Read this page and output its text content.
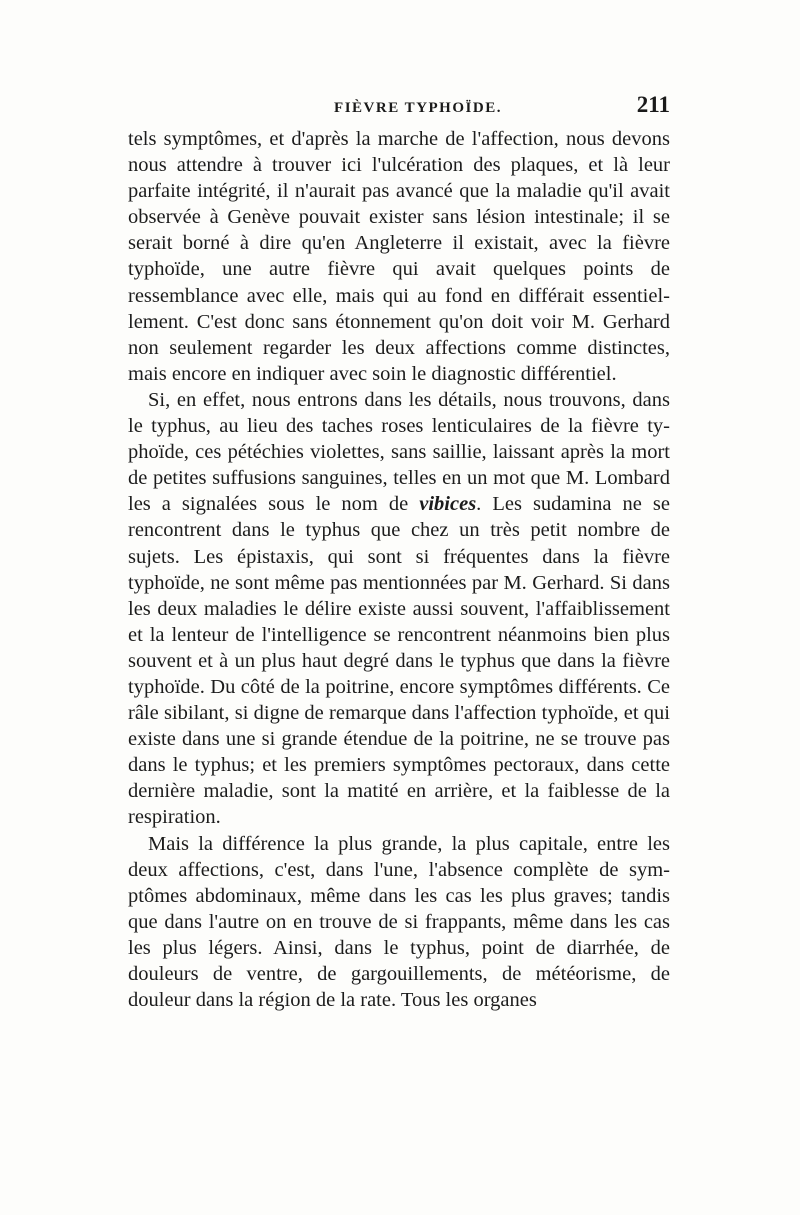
FIÈVRE TYPHOÏDE.	211

tels symptômes, et d'après la marche de l'affection, nous devons nous attendre à trouver ici l'ulcération des plaques, et là leur parfaite intégrité, il n'aurait pas avancé que la maladie qu'il avait observée à Genève pouvait exister sans lésion intestinale; il se serait borné à dire qu'en Angleterre il existait, avec la fièvre typhoïde, une autre fièvre qui avait quelques points de ressemblance avec elle, mais qui au fond en différait essentiellement. C'est donc sans étonnement qu'on doit voir M. Gerhard non seulement regarder les deux affections comme distinctes, mais encore en indiquer avec soin le diagnostic différentiel.

Si, en effet, nous entrons dans les détails, nous trouvons, dans le typhus, au lieu des taches roses lenticulaires de la fièvre typhoïde, ces pétéchies violettes, sans saillie, laissant après la mort de petites suffusions sanguines, telles en un mot que M. Lombard les a signalées sous le nom de vibices. Les sudamina ne se rencontrent dans le typhus que chez un très petit nombre de sujets. Les épistaxis, qui sont si fréquentes dans la fièvre typhoïde, ne sont même pas mentionnées par M. Gerhard. Si dans les deux maladies le délire existe aussi souvent, l'affaiblissement et la lenteur de l'intelligence se rencontrent néanmoins bien plus souvent et à un plus haut degré dans le typhus que dans la fièvre typhoïde. Du côté de la poitrine, encore symptômes différents. Ce râle sibilant, si digne de remarque dans l'affection typhoïde, et qui existe dans une si grande étendue de la poitrine, ne se trouve pas dans le typhus; et les premiers symptômes pectoraux, dans cette dernière maladie, sont la matité en arrière, et la faiblesse de la respiration.

Mais la différence la plus grande, la plus capitale, entre les deux affections, c'est, dans l'une, l'absence complète de symptômes abdominaux, même dans les cas les plus graves; tandis que dans l'autre on en trouve de si frappants, même dans les cas les plus légers. Ainsi, dans le typhus, point de diarrhée, de douleurs de ventre, de gargouillements, de météorisme, de douleur dans la région de la rate. Tous les organes
